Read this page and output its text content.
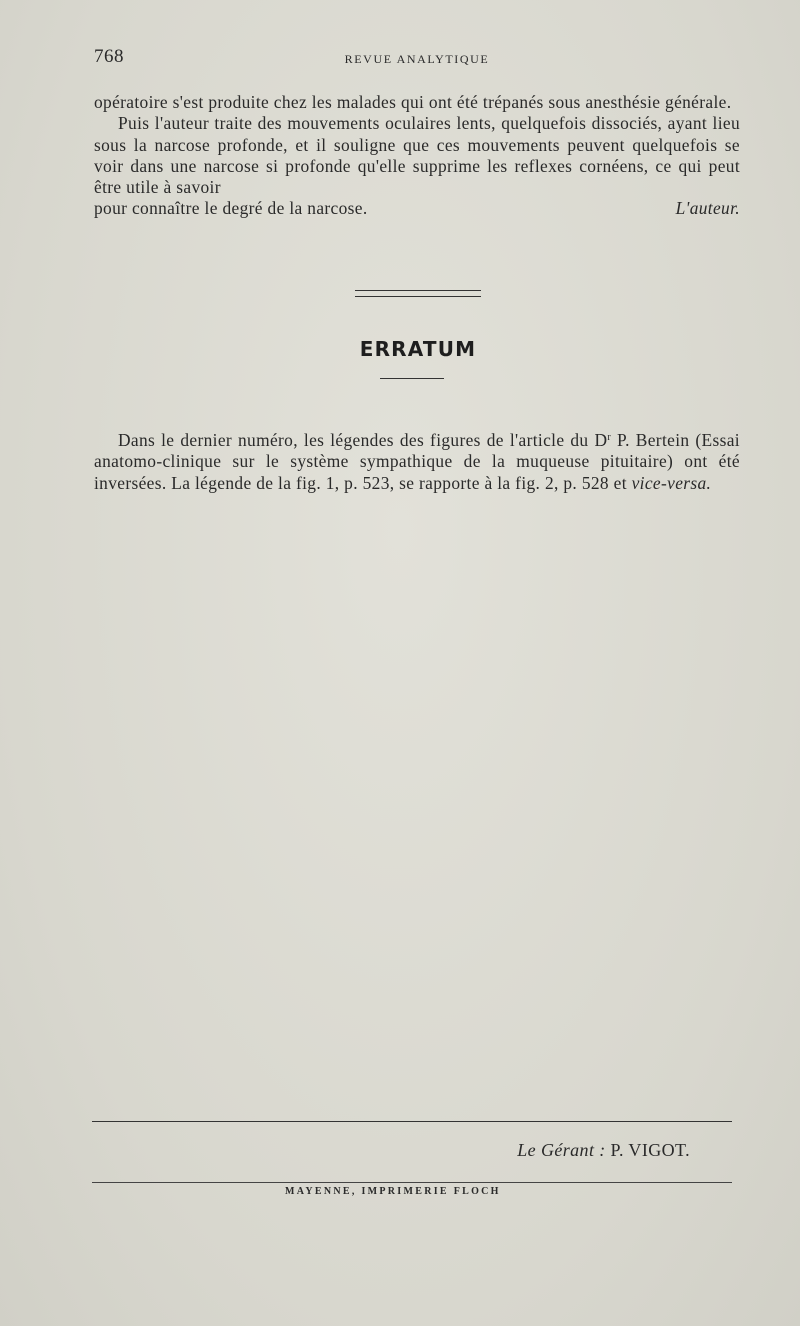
768	REVUE ANALYTIQUE

opératoire s'est produite chez les malades qui ont été trépanés sous anesthésie générale.

Puis l'auteur traite des mouvements oculaires lents, quelquefois dissociés, ayant lieu sous la narcose profonde, et il souligne que ces mouvements peuvent quelquefois se voir dans une narcose si profonde qu'elle supprime les reflexes cornéens, ce qui peut être utile à savoir

pour connaître le degré de la narcose.	L'auteur.
ERRATUM

Dans le dernier numéro, les légendes des figures de l'article du $D^r$ P. Bertein (Essai anatomo-clinique sur le système sympathique de la muqueuse pituitaire) ont été inversées. La légende de la fig. 1, p. 523, se rapporte à la fig. 2, p. 528 et vice-versa.

Le Gérant : P. VIGOT.
MAYENNE, IMPRIMERIE FLOCH
